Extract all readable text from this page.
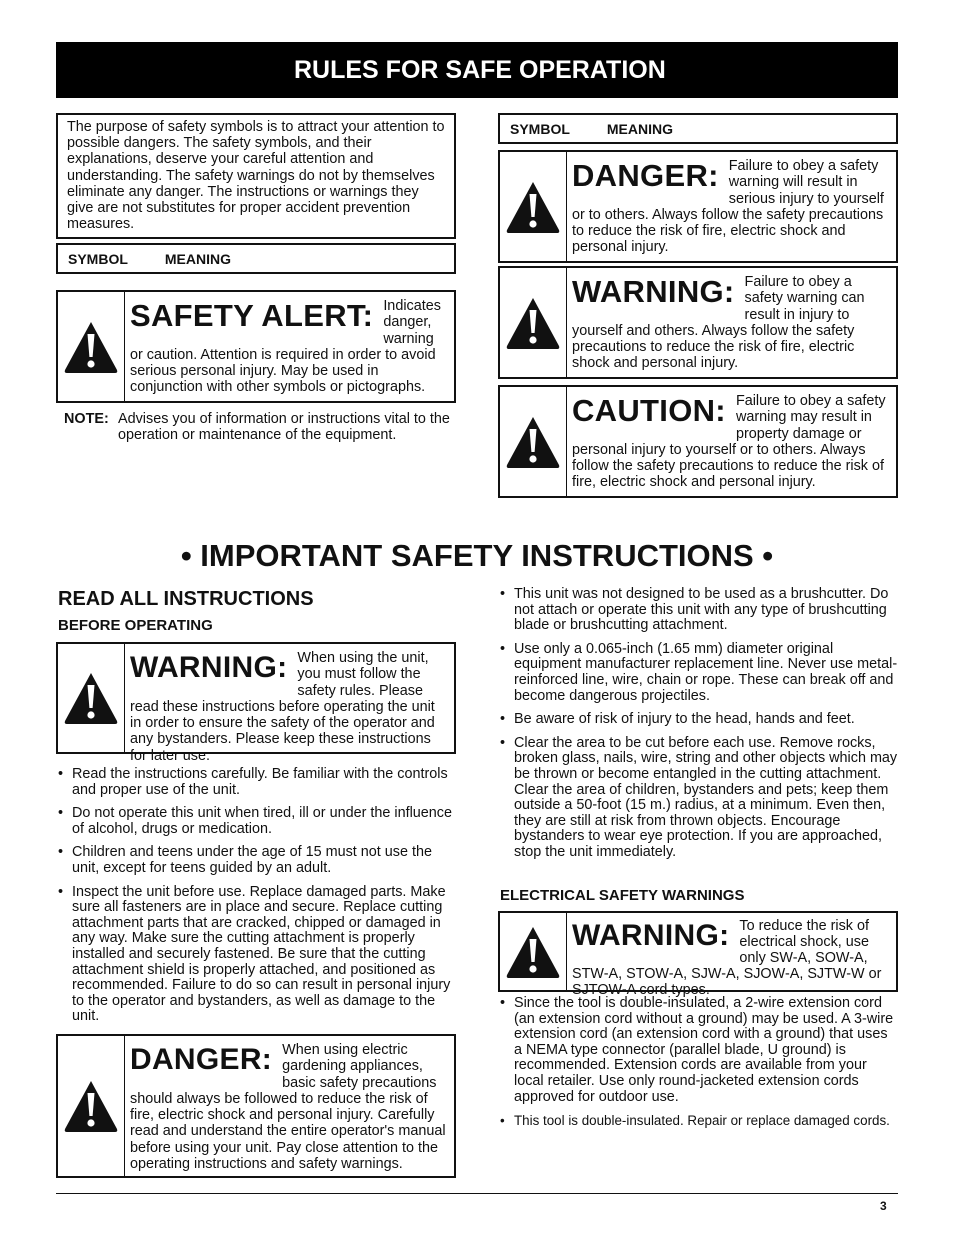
RULES FOR SAFE OPERATION
The purpose of safety symbols is to attract your attention to possible dangers. The safety symbols, and their explanations, deserve your careful attention and understanding. The safety warnings do not by themselves eliminate any danger. The instructions or warnings they give are not substitutes for proper accident prevention measures.
SYMBOL	MEANING
SAFETY ALERT: Indicates danger, warning or caution. Attention is required in order to avoid serious personal injury. May be used in conjunction with other symbols or pictographs.
NOTE: Advises you of information or instructions vital to the operation or maintenance of the equipment.
SYMBOL	MEANING
DANGER: Failure to obey a safety warning will result in serious injury to yourself or to others. Always follow the safety precautions to reduce the risk of fire, electric shock and personal injury.
WARNING: Failure to obey a safety warning can result in injury to yourself and others. Always follow the safety precautions to reduce the risk of fire, electric shock and personal injury.
CAUTION: Failure to obey a safety warning may result in property damage or personal injury to yourself or to others. Always follow the safety precautions to reduce the risk of fire, electric shock and personal injury.
• IMPORTANT SAFETY INSTRUCTIONS •
READ ALL INSTRUCTIONS
BEFORE OPERATING
WARNING: When using the unit, you must follow the safety rules. Please read these instructions before operating the unit in order to ensure the safety of the operator and any bystanders. Please keep these instructions for later use.
• Read the instructions carefully. Be familiar with the controls and proper use of the unit.
• Do not operate this unit when tired, ill or under the influence of alcohol, drugs or medication.
• Children and teens under the age of 15 must not use the unit, except for teens guided by an adult.
• Inspect the unit before use. Replace damaged parts. Make sure all fasteners are in place and secure. Replace cutting attachment parts that are cracked, chipped or damaged in any way. Make sure the cutting attachment is properly installed and securely fastened. Be sure that the cutting attachment shield is properly attached, and positioned as recommended. Failure to do so can result in personal injury to the operator and bystanders, as well as damage to the unit.
DANGER: When using electric gardening appliances, basic safety precautions should always be followed to reduce the risk of fire, electric shock and personal injury. Carefully read and understand the entire operator's manual before using your unit. Pay close attention to the operating instructions and safety warnings.
• This unit was not designed to be used as a brushcutter. Do not attach or operate this unit with any type of brushcutting blade or brushcutting attachment.
• Use only a 0.065-inch (1.65 mm) diameter original equipment manufacturer replacement line. Never use metal-reinforced line, wire, chain or rope. These can break off and become dangerous projectiles.
• Be aware of risk of injury to the head, hands and feet.
• Clear the area to be cut before each use. Remove rocks, broken glass, nails, wire, string and other objects which may be thrown or become entangled in the cutting attachment. Clear the area of children, bystanders and pets; keep them outside a 50-foot (15 m.) radius, at a minimum. Even then, they are still at risk from thrown objects. Encourage bystanders to wear eye protection. If you are approached, stop the unit immediately.
ELECTRICAL SAFETY WARNINGS
WARNING: To reduce the risk of electrical shock, use only SW-A, SOW-A, STW-A, STOW-A, SJW-A, SJOW-A, SJTW-W or SJTOW-A cord types.
• Since the tool is double-insulated, a 2-wire extension cord (an extension cord without a ground) may be used. A 3-wire extension cord (an extension cord with a ground) that uses a NEMA type connector (parallel blade, U ground) is recommended. Extension cords are available from your local retailer. Use only round-jacketed extension cords approved for outdoor use.
• This tool is double-insulated. Repair or replace damaged cords.
3
